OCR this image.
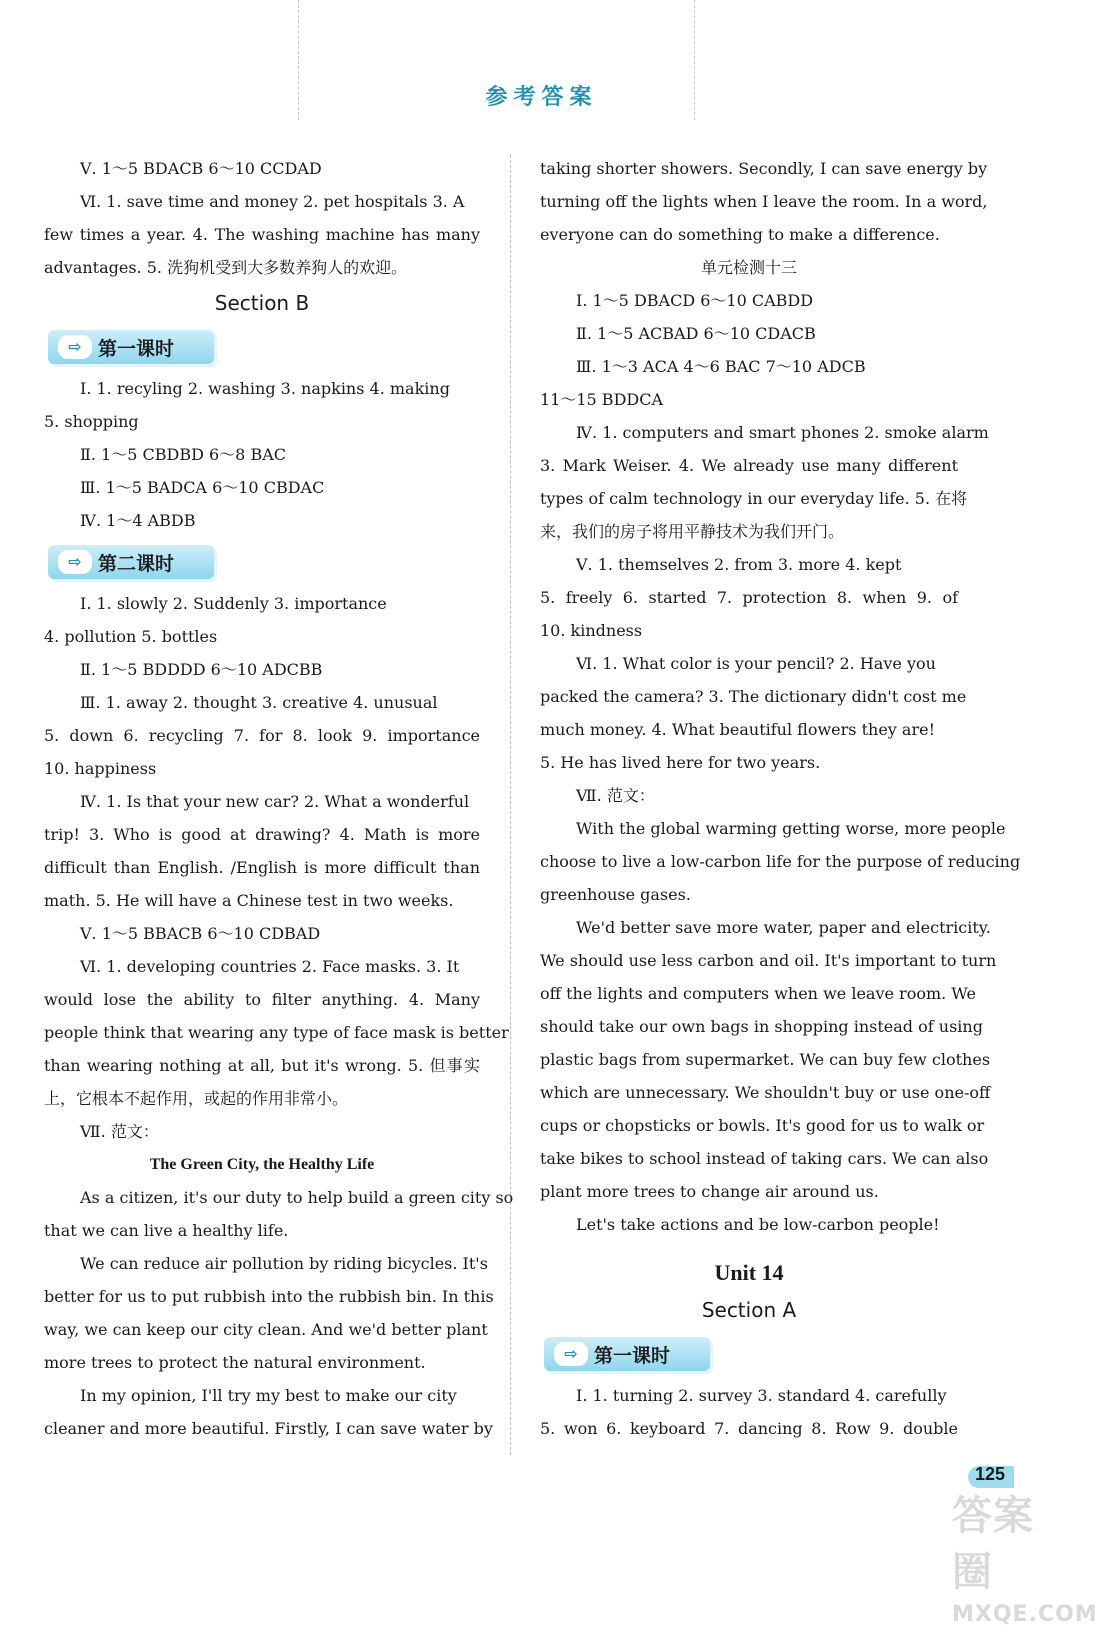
参考答案
Ⅴ. 1～5 BDACB 6～10 CCDAD
Ⅵ. 1. save time and money 2. pet hospitals 3. A
few times a year. 4. The washing machine has many
advantages. 5. 洗狗机受到大多数养狗人的欢迎。
Section B
⇨ 第一课时
Ⅰ. 1. recyling 2. washing 3. napkins 4. making
5. shopping
Ⅱ. 1～5 CBDBD 6～8 BAC
Ⅲ. 1～5 BADCA 6～10 CBDAC
Ⅳ. 1～4 ABDB
⇨ 第二课时
Ⅰ. 1. slowly 2. Suddenly 3. importance
4. pollution 5. bottles
Ⅱ. 1～5 BDDDD 6～10 ADCBB
Ⅲ. 1. away 2. thought 3. creative 4. unusual
5. down 6. recycling 7. for 8. look 9. importance
10. happiness
Ⅳ. 1. Is that your new car? 2. What a wonderful
trip! 3. Who is good at drawing? 4. Math is more
difficult than English. /English is more difficult than
math. 5. He will have a Chinese test in two weeks.
Ⅴ. 1～5 BBACB 6～10 CDBAD
Ⅵ. 1. developing countries 2. Face masks. 3. It
would lose the ability to filter anything. 4. Many
people think that wearing any type of face mask is better
than wearing nothing at all, but it's wrong. 5. 但事实
上，它根本不起作用，或起的作用非常小。
Ⅶ. 范文：
The Green City, the Healthy Life
As a citizen, it's our duty to help build a green city so
that we can live a healthy life.
We can reduce air pollution by riding bicycles. It's
better for us to put rubbish into the rubbish bin. In this
way, we can keep our city clean. And we'd better plant
more trees to protect the natural environment.
In my opinion, I'll try my best to make our city
cleaner and more beautiful. Firstly, I can save water by
taking shorter showers. Secondly, I can save energy by
turning off the lights when I leave the room. In a word,
everyone can do something to make a difference.
单元检测十三
Ⅰ. 1～5 DBACD 6～10 CABDD
Ⅱ. 1～5 ACBAD 6～10 CDACB
Ⅲ. 1～3 ACA 4～6 BAC 7～10 ADCB
11～15 BDDCA
Ⅳ. 1. computers and smart phones 2. smoke alarm
3. Mark Weiser. 4. We already use many different
types of calm technology in our everyday life. 5. 在将
来，我们的房子将用平静技术为我们开门。
Ⅴ. 1. themselves 2. from 3. more 4. kept
5. freely 6. started 7. protection 8. when 9. of
10. kindness
Ⅵ. 1. What color is your pencil? 2. Have you
packed the camera? 3. The dictionary didn't cost me
much money. 4. What beautiful flowers they are!
5. He has lived here for two years.
Ⅶ. 范文：
With the global warming getting worse, more people
choose to live a low-carbon life for the purpose of reducing
greenhouse gases.
We'd better save more water, paper and electricity.
We should use less carbon and oil. It's important to turn
off the lights and computers when we leave room. We
should take our own bags in shopping instead of using
plastic bags from supermarket. We can buy few clothes
which are unnecessary. We shouldn't buy or use one-off
cups or chopsticks or bowls. It's good for us to walk or
take bikes to school instead of taking cars. We can also
plant more trees to change air around us.
Let's take actions and be low-carbon people!
Unit 14
Section A
⇨ 第一课时
Ⅰ. 1. turning 2. survey 3. standard 4. carefully
5. won 6. keyboard 7. dancing 8. Row 9. double
125
答案圈
MXQE.COM
